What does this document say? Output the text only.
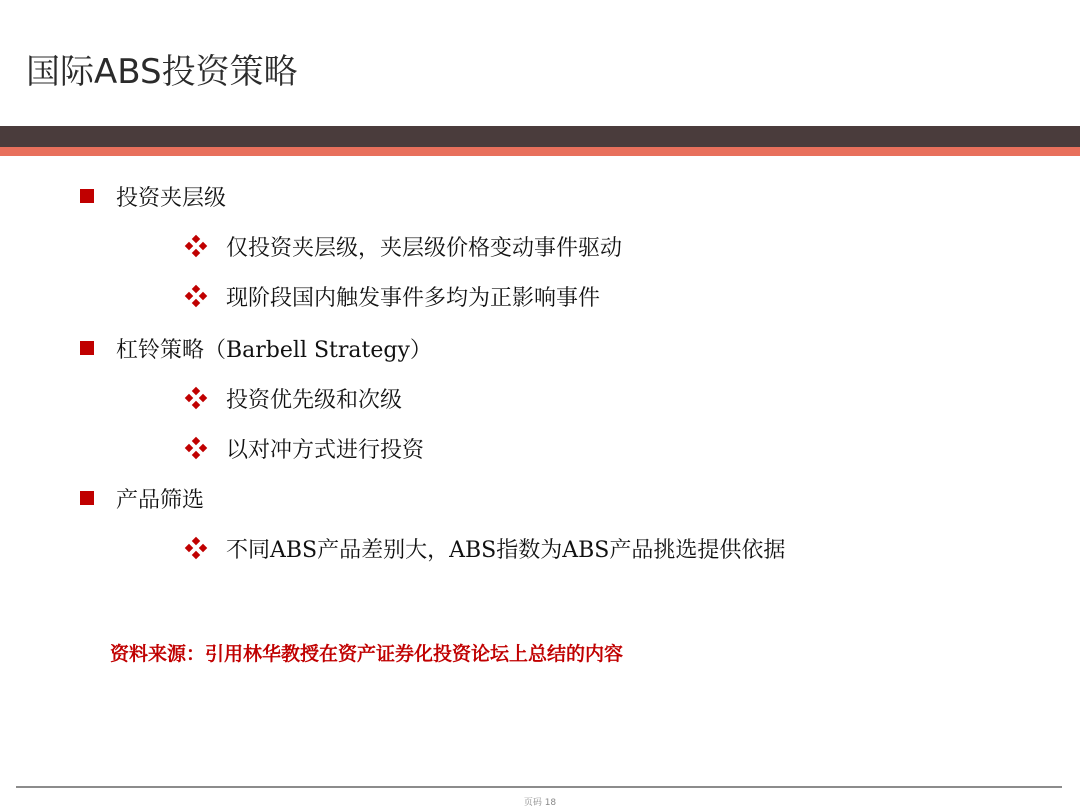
国际ABS投资策略
投资夹层级
仅投资夹层级，夹层级价格变动事件驱动
现阶段国内触发事件多均为正影响事件
杠铃策略（Barbell Strategy）
投资优先级和次级
以对冲方式进行投资
产品筛选
不同ABS产品差别大，ABS指数为ABS产品挑选提供依据
资料来源：引用林华教授在资产证券化投资论坛上总结的内容
页码 18
